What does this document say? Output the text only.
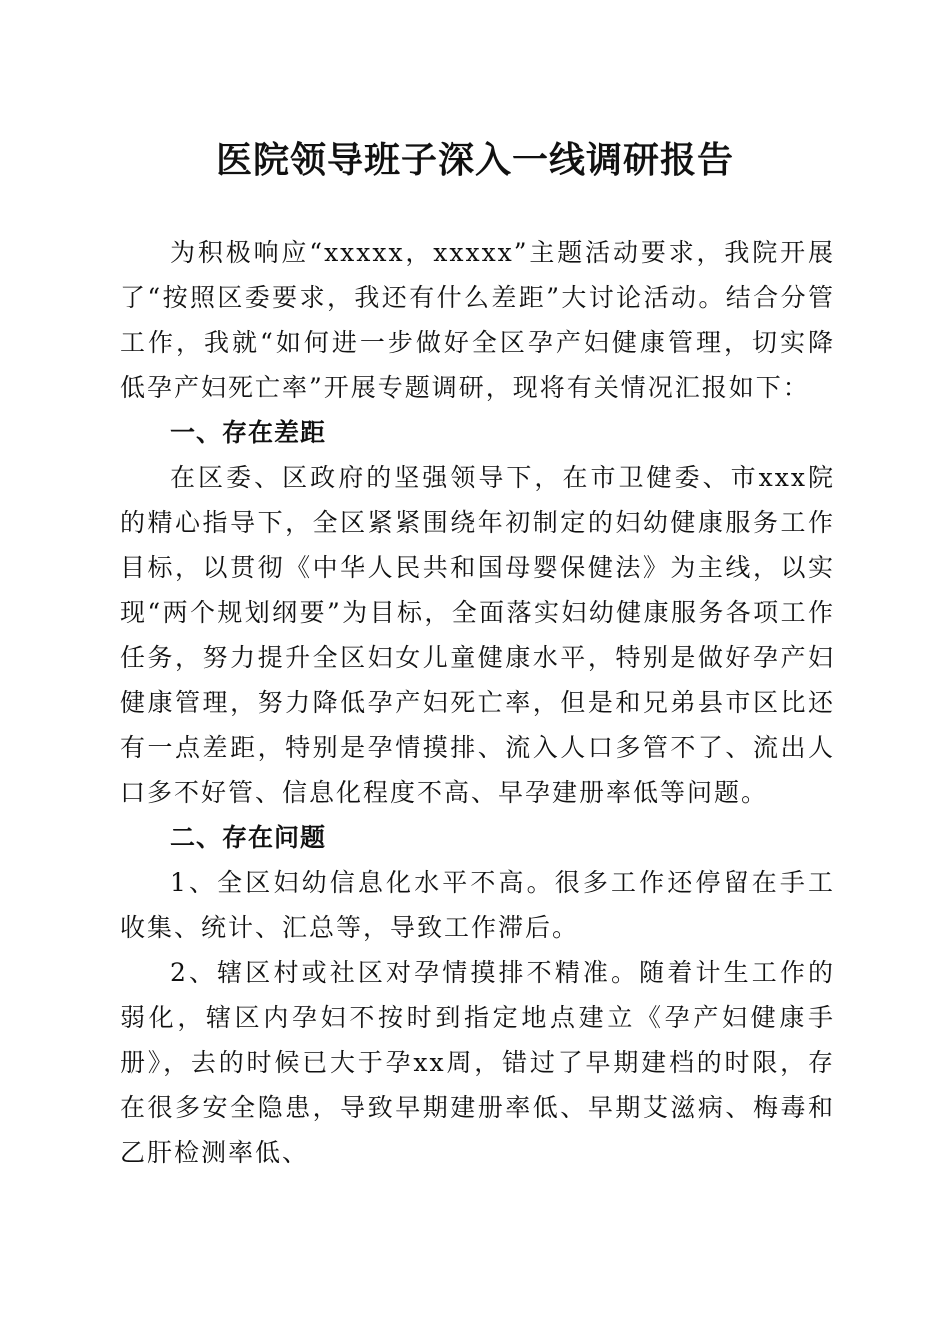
医院领导班子深入一线调研报告

为积极响应“xxxxx，xxxxx”主题活动要求，我院开展了“按照区委要求，我还有什么差距”大讨论活动。结合分管工作，我就“如何进一步做好全区孕产妇健康管理，切实降低孕产妇死亡率”开展专题调研，现将有关情况汇报如下：

一、存在差距

在区委、区政府的坚强领导下，在市卫健委、市xxx院的精心指导下，全区紧紧围绕年初制定的妇幼健康服务工作目标，以贯彻《中华人民共和国母婴保健法》为主线，以实现“两个规划纲要”为目标，全面落实妇幼健康服务各项工作任务，努力提升全区妇女儿童健康水平，特别是做好孕产妇健康管理，努力降低孕产妇死亡率，但是和兄弟县市区比还有一点差距，特别是孕情摸排、流入人口多管不了、流出人口多不好管、信息化程度不高、早孕建册率低等问题。

二、存在问题

1、全区妇幼信息化水平不高。很多工作还停留在手工收集、统计、汇总等，导致工作滞后。

2、辖区村或社区对孕情摸排不精准。随着计生工作的弱化，辖区内孕妇不按时到指定地点建立《孕产妇健康手册》，去的时候已大于孕xx周，错过了早期建档的时限，存在很多安全隐患，导致早期建册率低、早期艾滋病、梅毒和乙肝检测率低、
